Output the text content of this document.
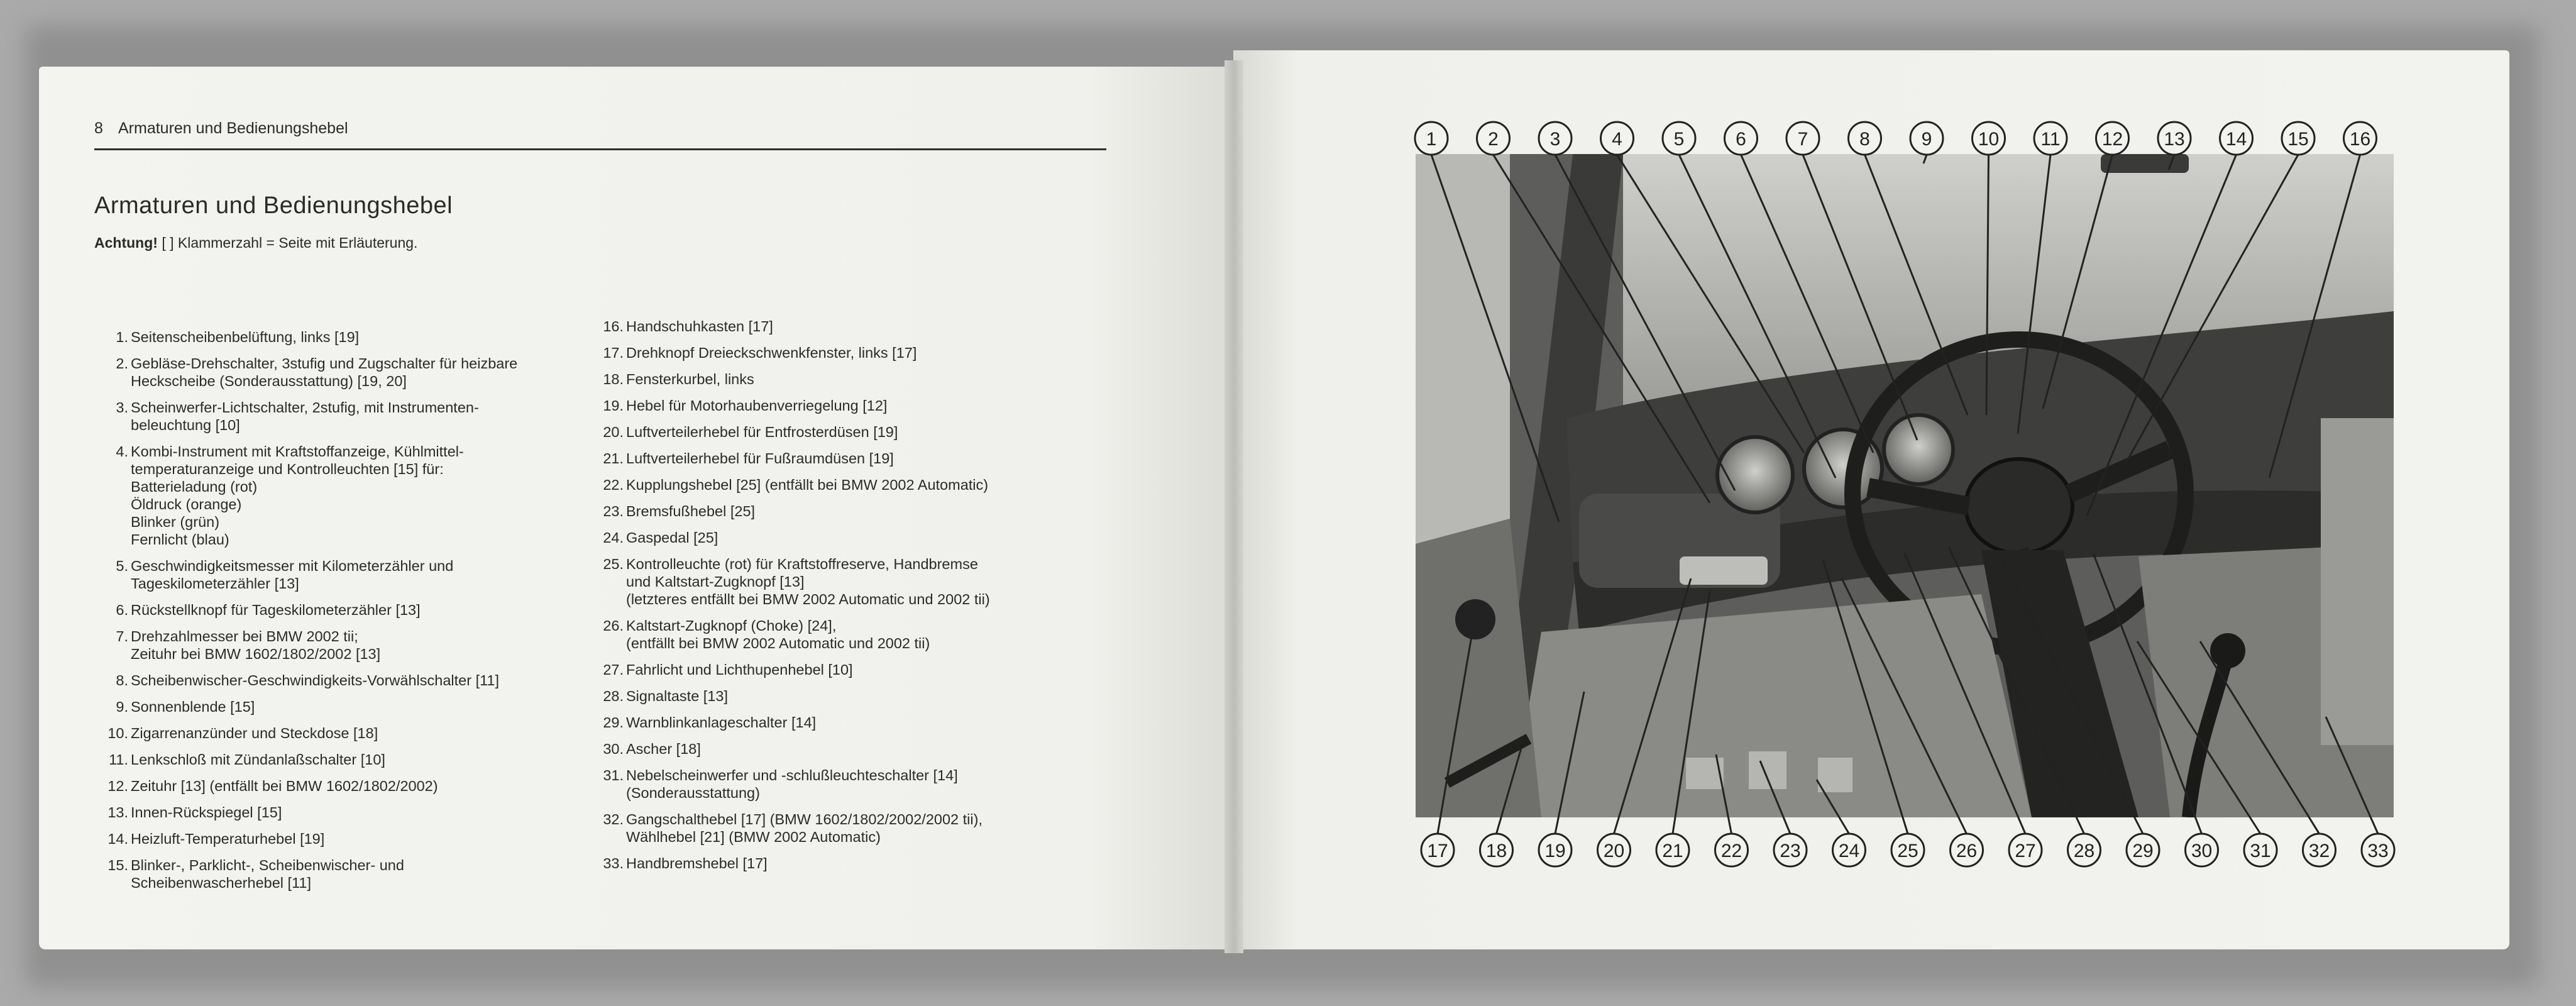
8 Armaturen und Bedienungshebel
Armaturen und Bedienungshebel
Achtung! [ ] Klammerzahl = Seite mit Erläuterung.
1. Seitenscheibenbelüftung, links [19]
2. Gebläse-Drehschalter, 3stufig und Zugschalter für heizbare
Heckscheibe (Sonderausstattung) [19, 20]
3. Scheinwerfer-Lichtschalter, 2stufig, mit Instrumenten-
beleuchtung [10]
4. Kombi-Instrument mit Kraftstoffanzeige, Kühlmittel-
temperaturanzeige und Kontrolleuchten [15] für:
Batterieladung (rot)
Öldruck (orange)
Blinker (grün)
Fernlicht (blau)
5. Geschwindigkeitsmesser mit Kilometerzähler und
Tageskilometerzähler [13]
6. Rückstellknopf für Tageskilometerzähler [13]
7. Drehzahlmesser bei BMW 2002 tii;
Zeituhr bei BMW 1602/1802/2002 [13]
8. Scheibenwischer-Geschwindigkeits-Vorwählschalter [11]
9. Sonnenblende [15]
10. Zigarrenanzünder und Steckdose [18]
11. Lenkschloß mit Zündanlaßschalter [10]
12. Zeituhr [13] (entfällt bei BMW 1602/1802/2002)
13. Innen-Rückspiegel [15]
14. Heizluft-Temperaturhebel [19]
15. Blinker-, Parklicht-, Scheibenwischer- und
Scheibenwascherhebel [11]
16. Handschuhkasten [17]
17. Drehknopf Dreieckschwenkfenster, links [17]
18. Fensterkurbel, links
19. Hebel für Motorhaubenverriegelung [12]
20. Luftverteilerhebel für Entfrosterdüsen [19]
21. Luftverteilerhebel für Fußraumdüsen [19]
22. Kupplungshebel [25] (entfällt bei BMW 2002 Automatic)
23. Bremsfußhebel [25]
24. Gaspedal [25]
25. Kontrolleuchte (rot) für Kraftstoffreserve, Handbremse
und Kaltstart-Zugknopf [13]
(letzteres entfällt bei BMW 2002 Automatic und 2002 tii)
26. Kaltstart-Zugknopf (Choke) [24],
(entfällt bei BMW 2002 Automatic und 2002 tii)
27. Fahrlicht und Lichthupenhebel [10]
28. Signaltaste [13]
29. Warnblinkanlageschalter [14]
30. Ascher [18]
31. Nebelscheinwerfer und -schlußleuchteschalter [14]
(Sonderausstattung)
32. Gangschalthebel [17] (BMW 1602/1802/2002/2002 tii),
Wählhebel [21] (BMW 2002 Automatic)
33. Handbremshebel [17]
1	2	3	4	5	6	7	8	9 10 11 12 13 14 15 16
17 18 19 20 21 22 23 24 25 26 27 28 29 30 31 32 33
